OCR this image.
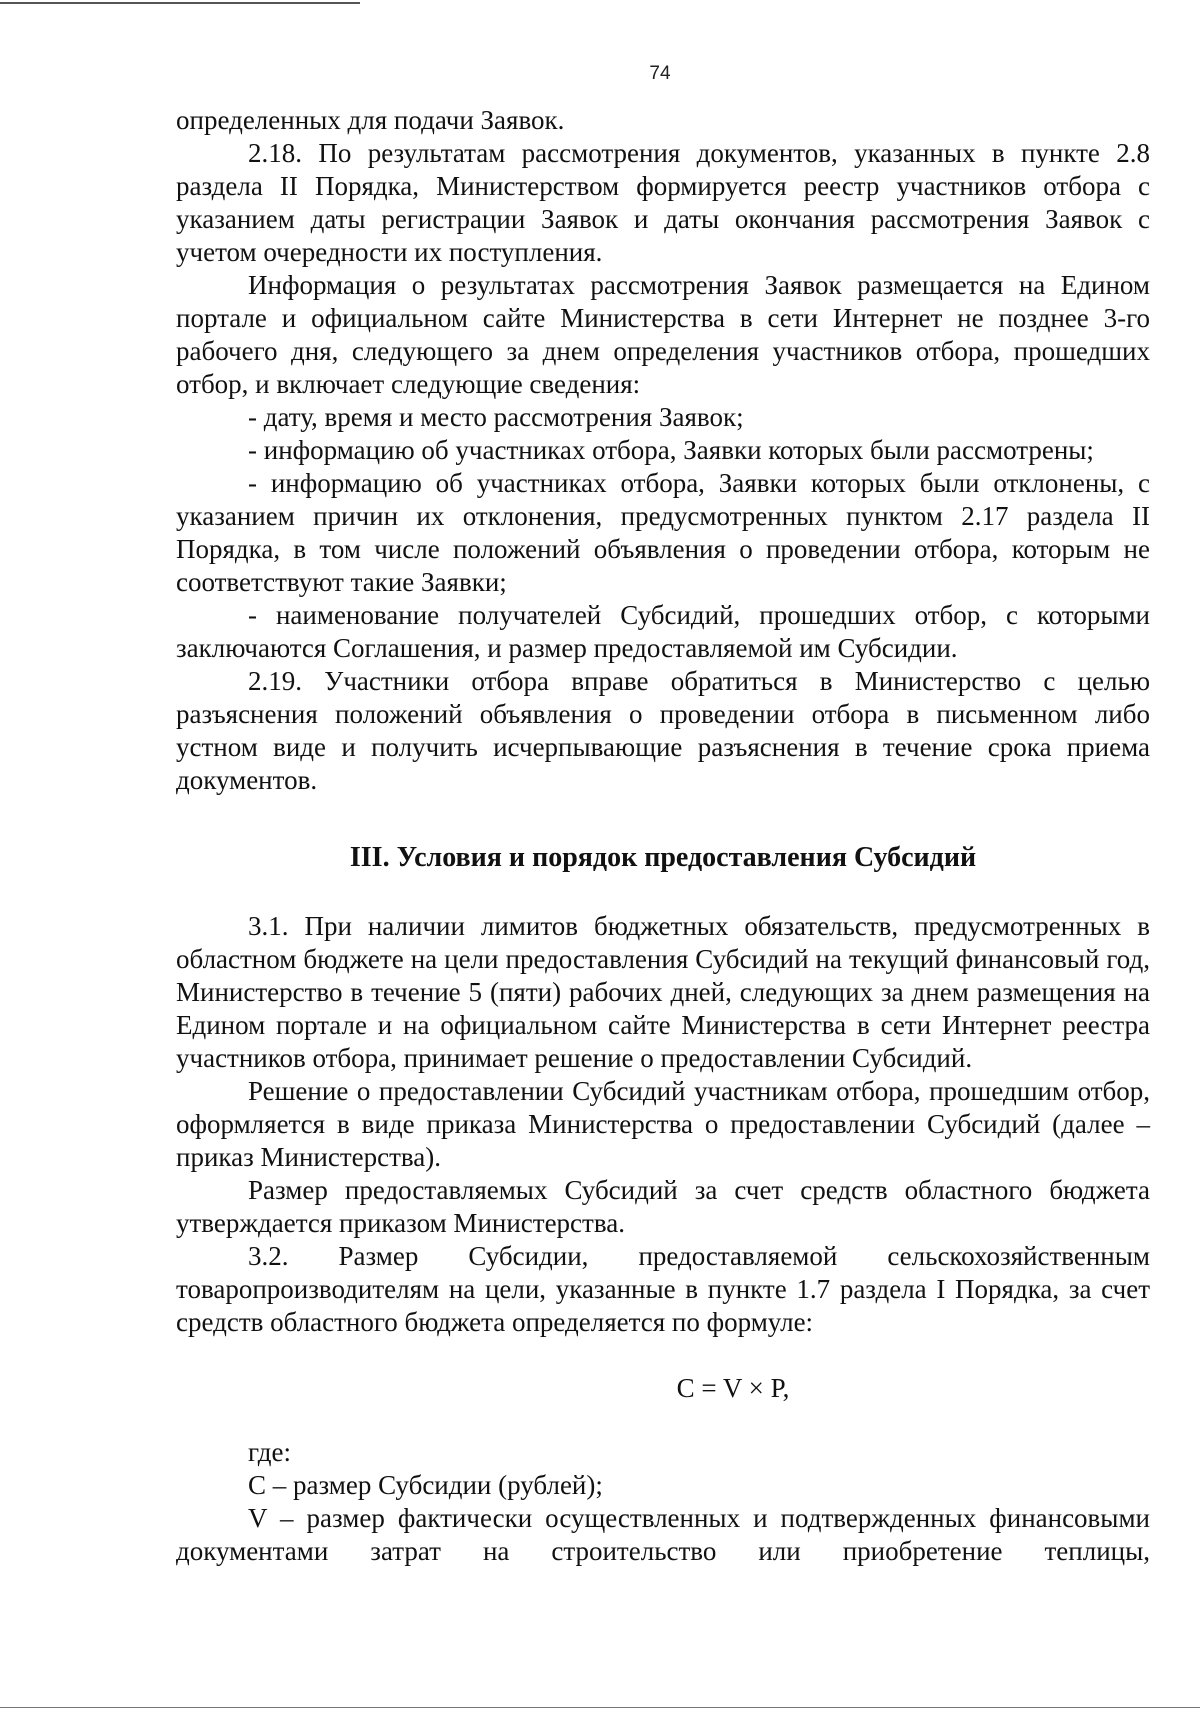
74

определенных для подачи Заявок.

2.18. По результатам рассмотрения документов, указанных в пункте 2.8 раздела II Порядка, Министерством формируется реестр участников отбора с указанием даты регистрации Заявок и даты окончания рассмотрения Заявок с учетом очередности их поступления.

Информация о результатах рассмотрения Заявок размещается на Едином портале и официальном сайте Министерства в сети Интернет не позднее 3-го рабочего дня, следующего за днем определения участников отбора, прошедших отбор, и включает следующие сведения:

- дату, время и место рассмотрения Заявок;

- информацию об участниках отбора, Заявки которых были рассмотрены;

- информацию об участниках отбора, Заявки которых были отклонены, с указанием причин их отклонения, предусмотренных пунктом 2.17 раздела II Порядка, в том числе положений объявления о проведении отбора, которым не соответствуют такие Заявки;

- наименование получателей Субсидий, прошедших отбор, с которыми заключаются Соглашения, и размер предоставляемой им Субсидии.

2.19. Участники отбора вправе обратиться в Министерство с целью разъяснения положений объявления о проведении отбора в письменном либо устном виде и получить исчерпывающие разъяснения в течение срока приема документов.

III. Условия и порядок предоставления Субсидий

3.1. При наличии лимитов бюджетных обязательств, предусмотренных в областном бюджете на цели предоставления Субсидий на текущий финансовый год, Министерство в течение 5 (пяти) рабочих дней, следующих за днем размещения на Едином портале и на официальном сайте Министерства в сети Интернет реестра участников отбора, принимает решение о предоставлении Субсидий.

Решение о предоставлении Субсидий участникам отбора, прошедшим отбор, оформляется в виде приказа Министерства о предоставлении Субсидий (далее – приказ Министерства).

Размер предоставляемых Субсидий за счет средств областного бюджета утверждается приказом Министерства.

3.2. Размер Субсидии, предоставляемой сельскохозяйственным товаропроизводителям на цели, указанные в пункте 1.7 раздела I Порядка, за счет средств областного бюджета определяется по формуле:

C = V × P,

где:

C – размер Субсидии (рублей);

V – размер фактически осуществленных и подтвержденных финансовыми документами затрат на строительство или приобретение теплицы,
